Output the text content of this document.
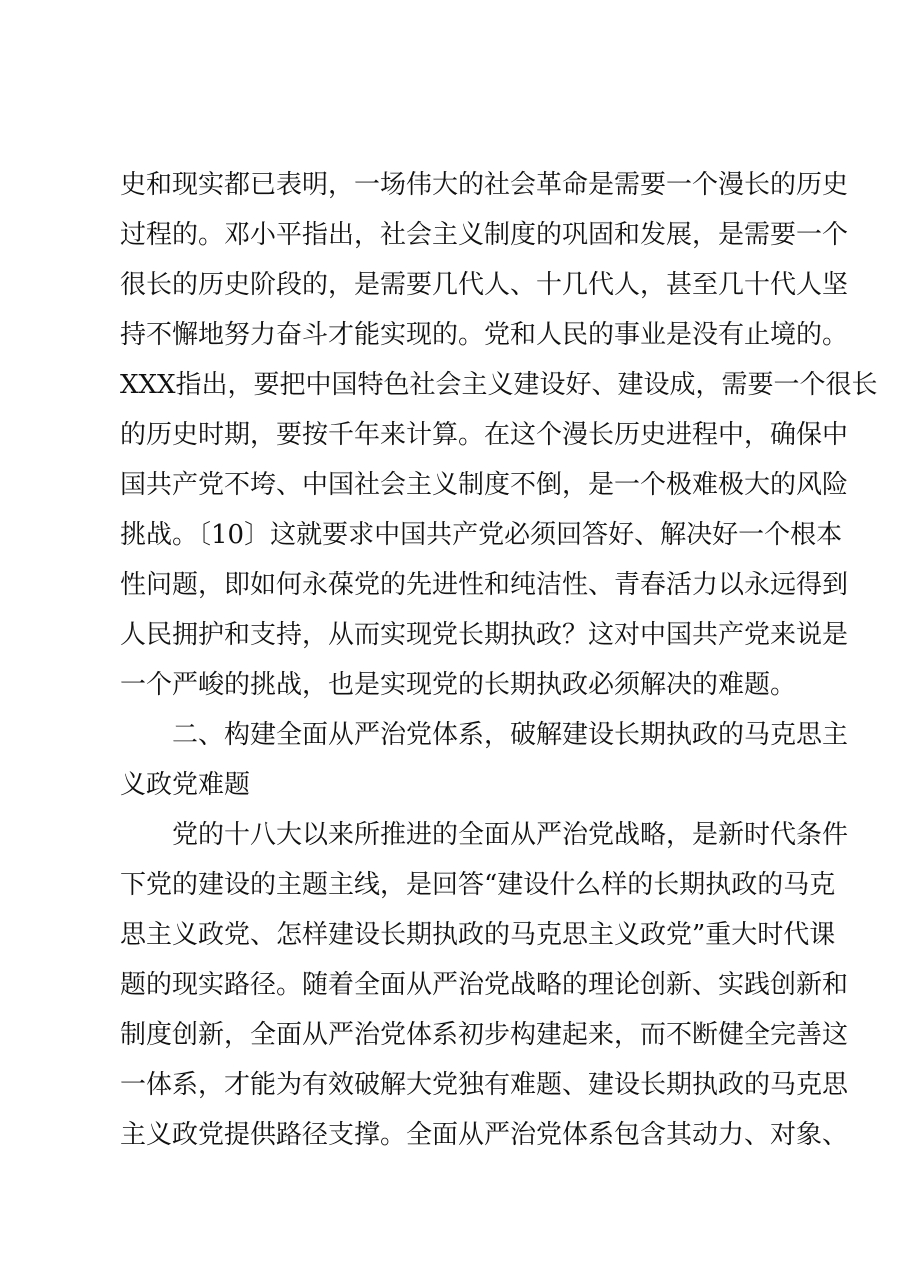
史和现实都已表明，一场伟大的社会革命是需要一个漫长的历史
过程的。邓小平指出，社会主义制度的巩固和发展，是需要一个
很长的历史阶段的，是需要几代人、十几代人，甚至几十代人坚
持不懈地努力奋斗才能实现的。党和人民的事业是没有止境的。
XXX指出，要把中国特色社会主义建设好、建设成，需要一个很长
的历史时期，要按千年来计算。在这个漫长历史进程中，确保中
国共产党不垮、中国社会主义制度不倒，是一个极难极大的风险
挑战。〔10〕这就要求中国共产党必须回答好、解决好一个根本
性问题，即如何永葆党的先进性和纯洁性、青春活力以永远得到
人民拥护和支持，从而实现党长期执政？这对中国共产党来说是
一个严峻的挑战，也是实现党的长期执政必须解决的难题。
二、构建全面从严治党体系，破解建设长期执政的马克思主
义政党难题
党的十八大以来所推进的全面从严治党战略，是新时代条件
下党的建设的主题主线，是回答“建设什么样的长期执政的马克
思主义政党、怎样建设长期执政的马克思主义政党”重大时代课
题的现实路径。随着全面从严治党战略的理论创新、实践创新和
制度创新，全面从严治党体系初步构建起来，而不断健全完善这
一体系，才能为有效破解大党独有难题、建设长期执政的马克思
主义政党提供路径支撑。全面从严治党体系包含其动力、对象、
